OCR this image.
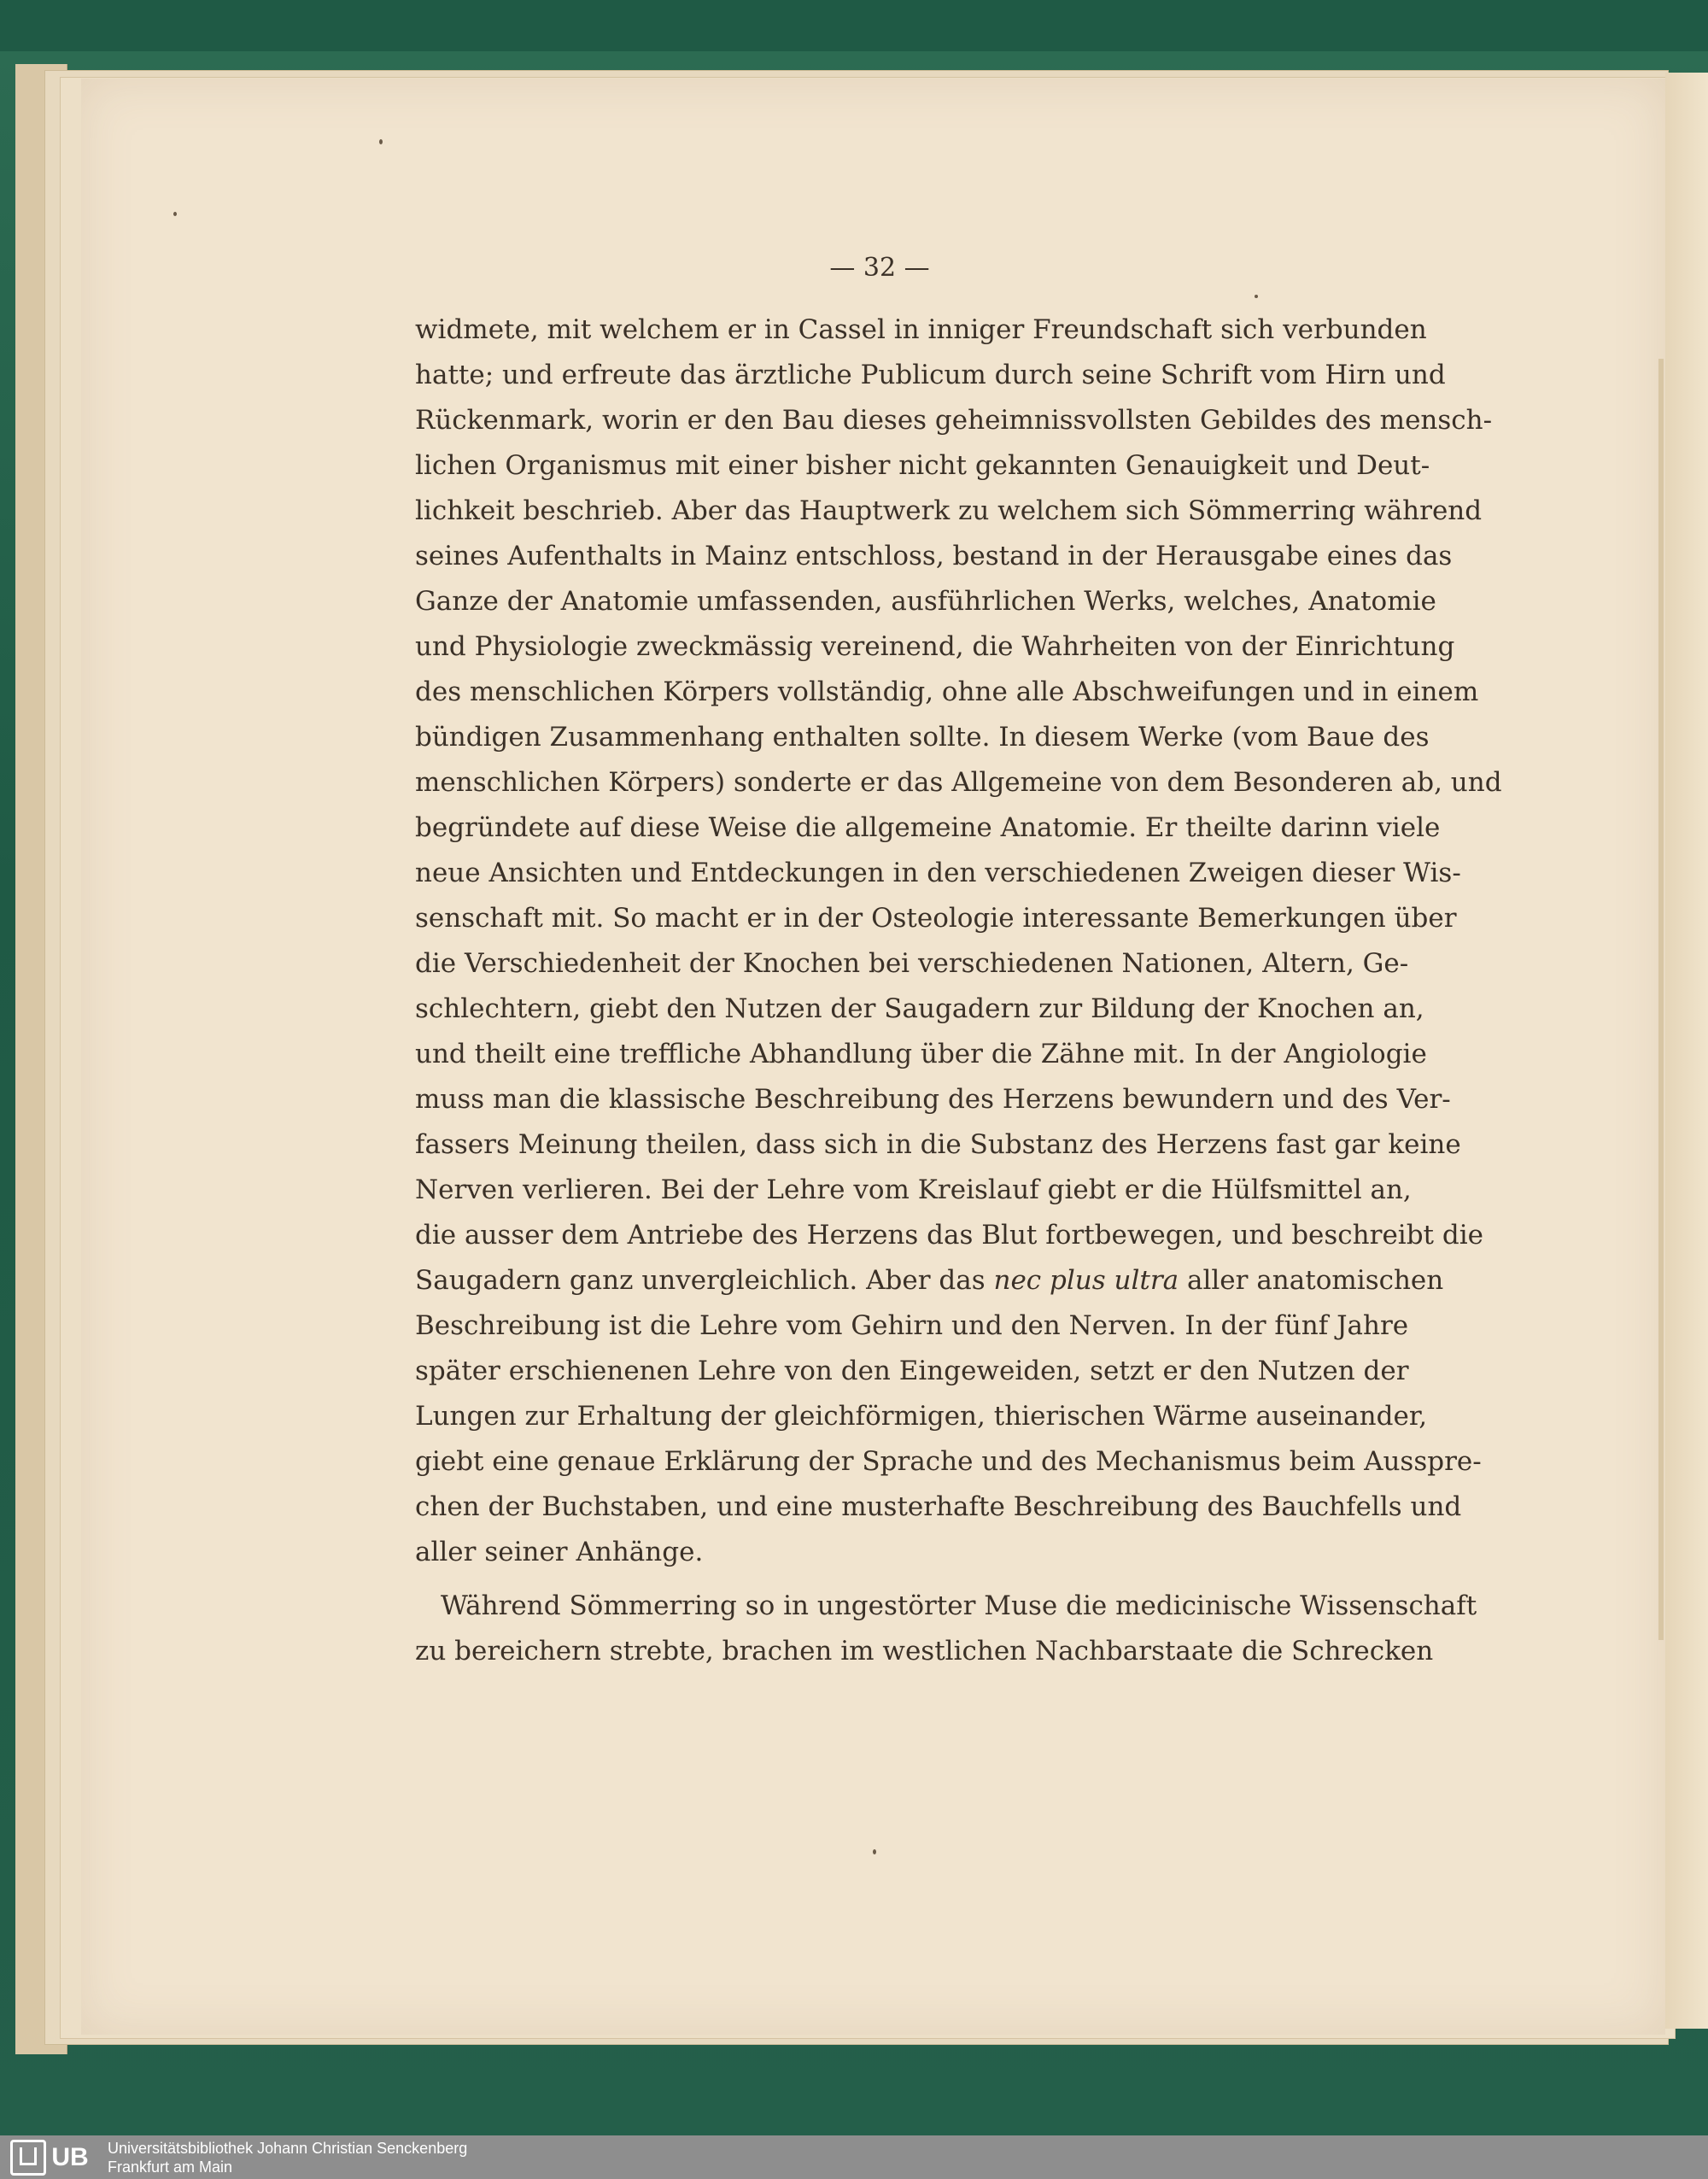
— 32 —
widmete, mit welchem er in Cassel in inniger Freundschaft sich verbunden
hatte; und erfreute das ärztliche Publicum durch seine Schrift vom Hirn und
Rückenmark, worin er den Bau dieses geheimnissvollsten Gebildes des mensch-
lichen Organismus mit einer bisher nicht gekannten Genauigkeit und Deut-
lichkeit beschrieb. Aber das Hauptwerk zu welchem sich Sömmerring während
seines Aufenthalts in Mainz entschloss, bestand in der Herausgabe eines das
Ganze der Anatomie umfassenden, ausführlichen Werks, welches, Anatomie
und Physiologie zweckmässig vereinend, die Wahrheiten von der Einrichtung
des menschlichen Körpers vollständig, ohne alle Abschweifungen und in einem
bündigen Zusammenhang enthalten sollte. In diesem Werke (vom Baue des
menschlichen Körpers) sonderte er das Allgemeine von dem Besonderen ab, und
begründete auf diese Weise die allgemeine Anatomie. Er theilte darinn viele
neue Ansichten und Entdeckungen in den verschiedenen Zweigen dieser Wis-
senschaft mit. So macht er in der Osteologie interessante Bemerkungen über
die Verschiedenheit der Knochen bei verschiedenen Nationen, Altern, Ge-
schlechtern, giebt den Nutzen der Saugadern zur Bildung der Knochen an,
und theilt eine treffliche Abhandlung über die Zähne mit. In der Angiologie
muss man die klassische Beschreibung des Herzens bewundern und des Ver-
fassers Meinung theilen, dass sich in die Substanz des Herzens fast gar keine
Nerven verlieren. Bei der Lehre vom Kreislauf giebt er die Hülfsmittel an,
die ausser dem Antriebe des Herzens das Blut fortbewegen, und beschreibt die
Saugadern ganz unvergleichlich. Aber das nec plus ultra aller anatomischen
Beschreibung ist die Lehre vom Gehirn und den Nerven. In der fünf Jahre
später erschienenen Lehre von den Eingeweiden, setzt er den Nutzen der
Lungen zur Erhaltung der gleichförmigen, thierischen Wärme auseinander,
giebt eine genaue Erklärung der Sprache und des Mechanismus beim Ausspre-
chen der Buchstaben, und eine musterhafte Beschreibung des Bauchfells und
aller seiner Anhänge.
Während Sömmerring so in ungestörter Muse die medicinische Wissenschaft
zu bereichern strebte, brachen im westlichen Nachbarstaate die Schrecken
UB Universitätsbibliothek Johann Christian Senckenberg
Frankfurt am Main
